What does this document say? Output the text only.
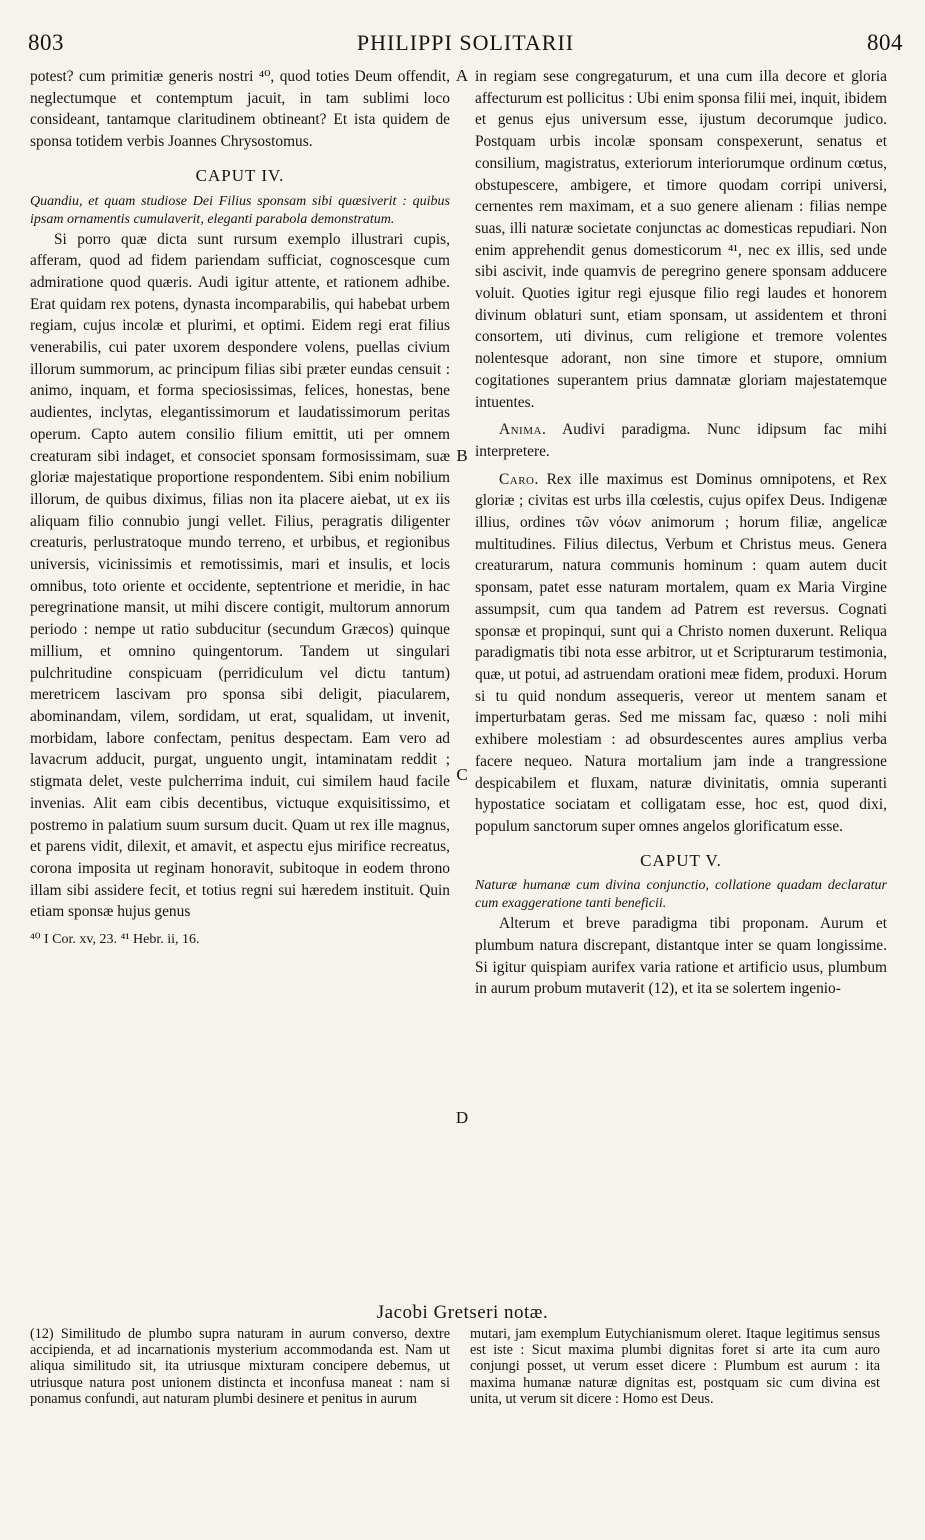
803	PHILIPPI SOLITARII	804
A
B
C
D

potest? cum primitiæ generis nostri ⁴⁰, quod toties Deum offendit, neglectumque et contemptum jacuit, in tam sublimi loco consideant, tantamque claritudinem obtineant? Et ista quidem de sponsa totidem verbis Joannes Chrysostomus.

CAPUT IV.

Quandiu, et quam studiose Dei Filius sponsam sibi quæsiverit : quibus ipsam ornamentis cumulaverit, eleganti parabola demonstratum.

Si porro quæ dicta sunt rursum exemplo illustrari cupis, afferam, quod ad fidem pariendam sufficiat, cognoscesque cum admiratione quod quæris. Audi igitur attente, et rationem adhibe. Erat quidam rex potens, dynasta incomparabilis, qui habebat urbem regiam, cujus incolæ et plurimi, et optimi. Eidem regi erat filius venerabilis, cui pater uxorem despondere volens, puellas civium illorum summorum, ac principum filias sibi præter eundas censuit : animo, inquam, et forma speciosissimas, felices, honestas, bene audientes, inclytas, elegantissimorum et laudatissimorum peritas operum. Capto autem consilio filium emittit, uti per omnem creaturam sibi indaget, et consociet sponsam formosissimam, suæ gloriæ majestatique proportione respondentem. Sibi enim nobilium illorum, de quibus diximus, filias non ita placere aiebat, ut ex iis aliquam filio connubio jungi vellet. Filius, peragratis diligenter creaturis, perlustratoque mundo terreno, et urbibus, et regionibus universis, vicinissimis et remotissimis, mari et insulis, et locis omnibus, toto oriente et occidente, septentrione et meridie, in hac peregrinatione mansit, ut mihi discere contigit, multorum annorum periodo : nempe ut ratio subducitur (secundum Græcos) quinque millium, et omnino quingentorum. Tandem ut singulari pulchritudine conspicuam (perridiculum vel dictu tantum) meretricem lascivam pro sponsa sibi deligit, piacularem, abominandam, vilem, sordidam, ut erat, squalidam, ut invenit, morbidam, labore confectam, penitus despectam. Eam vero ad lavacrum adducit, purgat, unguento ungit, intaminatam reddit ; stigmata delet, veste pulcherrima induit, cui similem haud facile invenias. Alit eam cibis decentibus, victuque exquisitissimo, et postremo in palatium suum sursum ducit. Quam ut rex ille magnus, et parens vidit, dilexit, et amavit, et aspectu ejus mirifice recreatus, corona imposita ut reginam honoravit, subitoque in eodem throno illam sibi assidere fecit, et totius regni sui hæredem instituit. Quin etiam sponsæ hujus genus

⁴⁰ I Cor. xv, 23. ⁴¹ Hebr. ii, 16.

in regiam sese congregaturum, et una cum illa decore et gloria affecturum est pollicitus : Ubi enim sponsa filii mei, inquit, ibidem et genus ejus universum esse, ijustum decorumque judico. Postquam urbis incolæ sponsam conspexerunt, senatus et consilium, magistratus, exteriorum interiorumque ordinum cœtus, obstupescere, ambigere, et timore quodam corripi universi, cernentes rem maximam, et a suo genere alienam : filias nempe suas, illi naturæ societate conjunctas ac domesticas repudiari. Non enim apprehendit genus domesticorum ⁴¹, nec ex illis, sed unde sibi ascivit, inde quamvis de peregrino genere sponsam adducere voluit. Quoties igitur regi ejusque filio regi laudes et honorem divinum oblaturi sunt, etiam sponsam, ut assidentem et throni consortem, uti divinus, cum religione et tremore volentes nolentesque adorant, non sine timore et stupore, omnium cogitationes superantem prius damnatæ gloriam majestatemque intuentes.

Anima. Audivi paradigma. Nunc idipsum fac mihi interpretere.

Caro. Rex ille maximus est Dominus omnipotens, et Rex gloriæ ; civitas est urbs illa cœlestis, cujus opifex Deus. Indigenæ illius, ordines τῶν νόων animorum ; horum filiæ, angelicæ multitudines. Filius dilectus, Verbum et Christus meus. Genera creaturarum, natura communis hominum : quam autem ducit sponsam, patet esse naturam mortalem, quam ex Maria Virgine assumpsit, cum qua tandem ad Patrem est reversus. Cognati sponsæ et propinqui, sunt qui a Christo nomen duxerunt. Reliqua paradigmatis tibi nota esse arbitror, ut et Scripturarum testimonia, quæ, ut potui, ad astruendam orationi meæ fidem, produxi. Horum si tu quid nondum assequeris, vereor ut mentem sanam et imperturbatam geras. Sed me missam fac, quæso : noli mihi exhibere molestiam : ad obsurdescentes aures amplius verba facere nequeo. Natura mortalium jam inde a trangressione despicabilem et fluxam, naturæ divinitatis, omnia superanti hypostatice sociatam et colligatam esse, hoc est, quod dixi, populum sanctorum super omnes angelos glorificatum esse.

CAPUT V.

Naturæ humanæ cum divina conjunctio, collatione quadam declaratur cum exaggeratione tanti beneficii.

Alterum et breve paradigma tibi proponam. Aurum et plumbum natura discrepant, distantque inter se quam longissime. Si igitur quispiam aurifex varia ratione et artificio usus, plumbum in aurum probum mutaverit (12), et ita se solertem ingenio-

Jacobi Gretseri notæ.

(12) Similitudo de plumbo supra naturam in aurum converso, dextre accipienda, et ad incarnationis mysterium accommodanda est. Nam ut aliqua similitudo sit, ita utriusque mixturam concipere debemus, ut utriusque natura post unionem distincta et inconfusa maneat : nam si ponamus confundi, aut naturam plumbi desinere et penitus in aurum

mutari, jam exemplum Eutychianismum oleret. Itaque legitimus sensus est iste : Sicut maxima plumbi dignitas foret si arte ita cum auro conjungi posset, ut verum esset dicere : Plumbum est aurum : ita maxima humanæ naturæ dignitas est, postquam sic cum divina est unita, ut verum sit dicere : Homo est Deus.
